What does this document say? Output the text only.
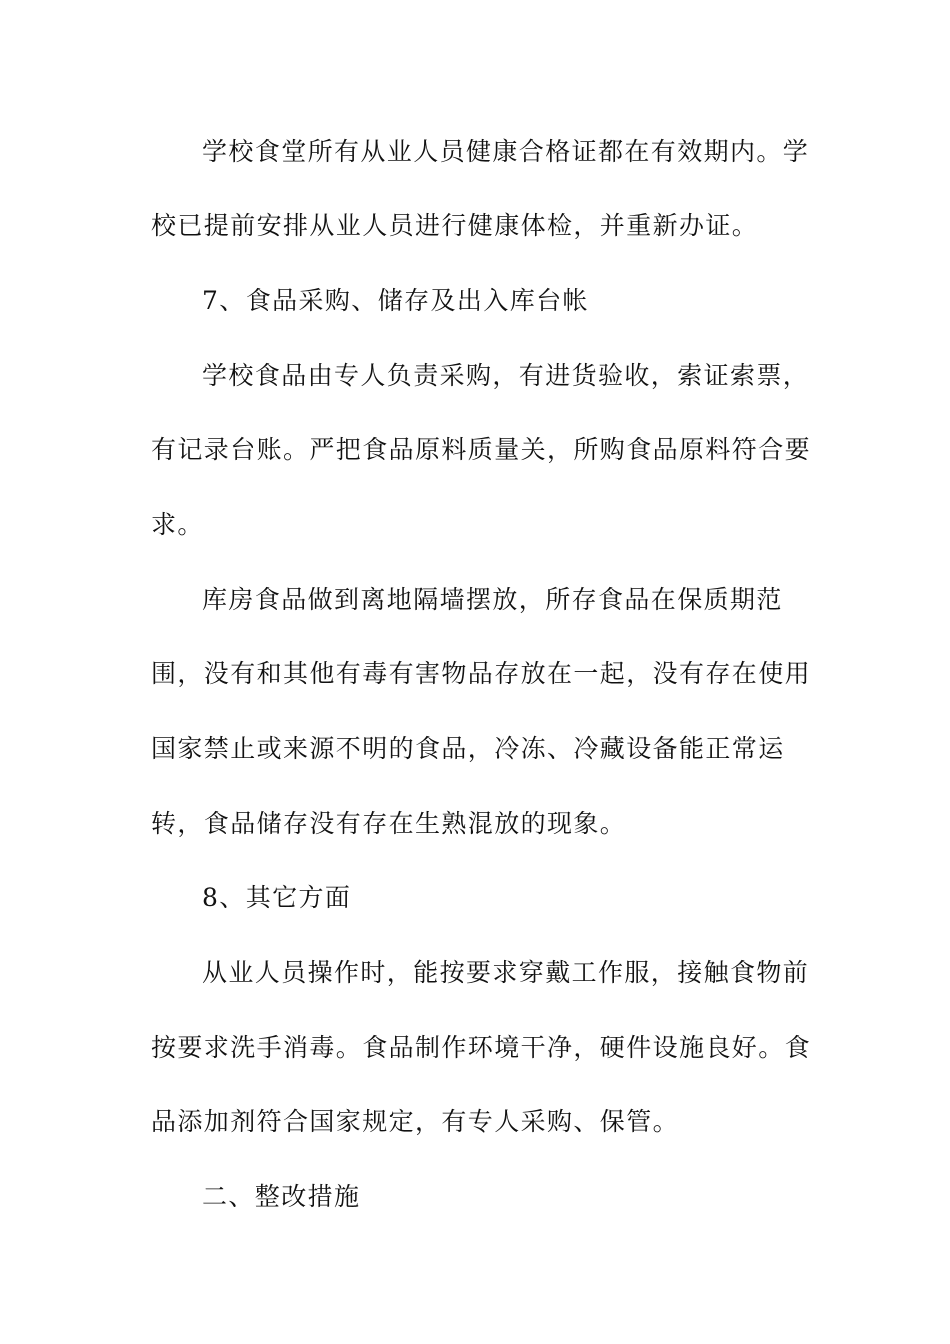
学校食堂所有从业人员健康合格证都在有效期内。学
校已提前安排从业人员进行健康体检，并重新办证。
7、食品采购、储存及出入库台帐
学校食品由专人负责采购，有进货验收，索证索票，
有记录台账。严把食品原料质量关，所购食品原料符合要
求。
库房食品做到离地隔墙摆放，所存食品在保质期范
围，没有和其他有毒有害物品存放在一起，没有存在使用
国家禁止或来源不明的食品，冷冻、冷藏设备能正常运
转，食品储存没有存在生熟混放的现象。
8、其它方面
从业人员操作时，能按要求穿戴工作服，接触食物前
按要求洗手消毒。食品制作环境干净，硬件设施良好。食
品添加剂符合国家规定，有专人采购、保管。
二、整改措施
